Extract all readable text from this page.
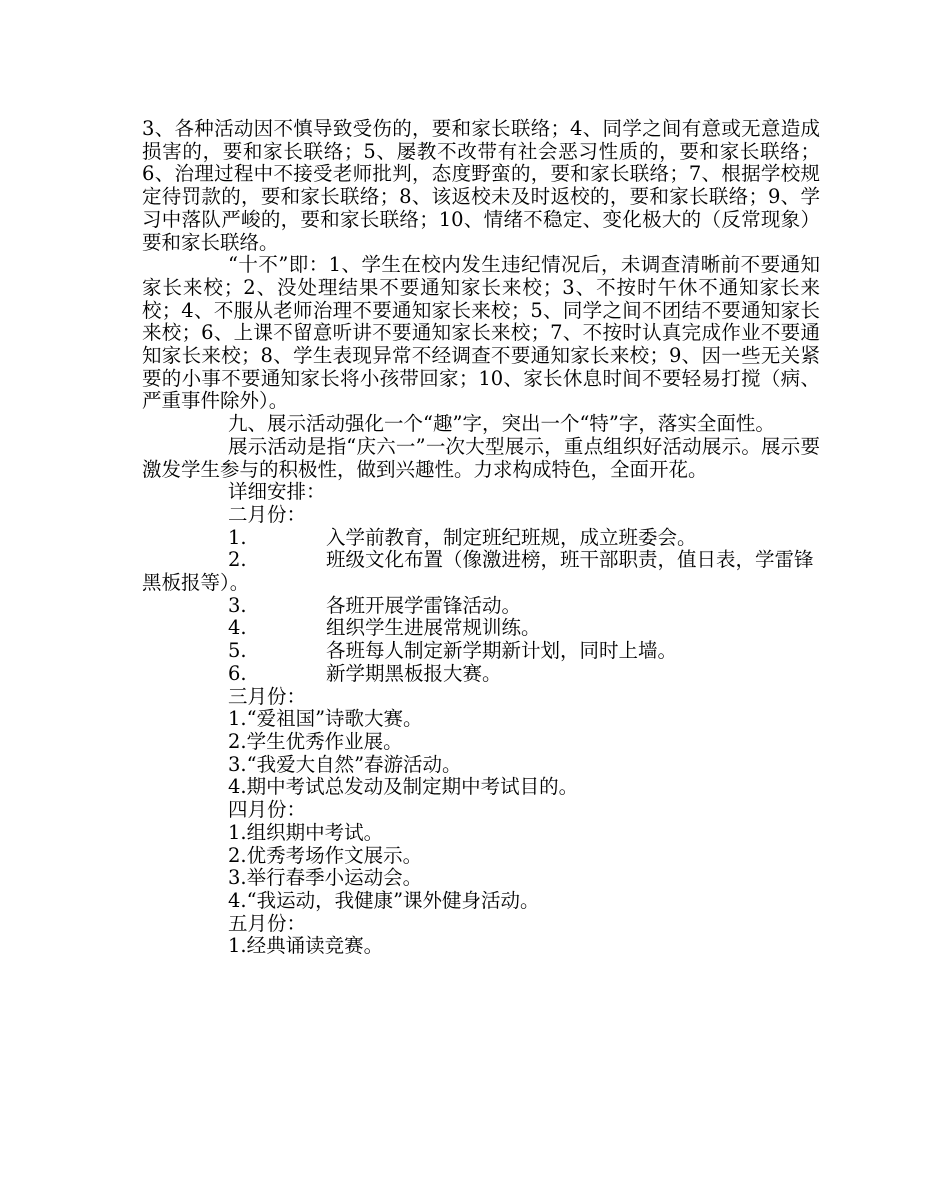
3、各种活动因不慎导致受伤的，要和家长联络；4、同学之间有意或无意造成损害的，要和家长联络；5、屡教不改带有社会恶习性质的，要和家长联络；6、治理过程中不接受老师批判，态度野蛮的，要和家长联络；7、根据学校规定待罚款的，要和家长联络；8、该返校未及时返校的，要和家长联络；9、学习中落队严峻的，要和家长联络；10、情绪不稳定、变化极大的（反常现象）要和家长联络。

“十不”即：1、学生在校内发生违纪情况后，未调查清晰前不要通知家长来校；2、没处理结果不要通知家长来校；3、不按时午休不通知家长来校；4、不服从老师治理不要通知家长来校；5、同学之间不团结不要通知家长来校；6、上课不留意听讲不要通知家长来校；7、不按时认真完成作业不要通知家长来校；8、学生表现异常不经调查不要通知家长来校；9、因一些无关紧要的小事不要通知家长将小孩带回家；10、家长休息时间不要轻易打搅（病、严重事件除外）。

九、展示活动强化一个“趣”字，突出一个“特”字，落实全面性。

展示活动是指“庆六一”一次大型展示，重点组织好活动展示。展示要激发学生参与的积极性，做到兴趣性。力求构成特色，全面开花。

详细安排：

二月份：

1.	入学前教育，制定班纪班规，成立班委会。

2.	班级文化布置（像激进榜，班干部职责，值日表，学雷锋黑板报等）。

3.	各班开展学雷锋活动。
4.	组织学生进展常规训练。
5.	各班每人制定新学期新计划，同时上墙。
6.	新学期黑板报大赛。

三月份：

1.“爱祖国”诗歌大赛。

2.学生优秀作业展。

3.“我爱大自然”春游活动。

4.期中考试总发动及制定期中考试目的。

四月份：

1.组织期中考试。

2.优秀考场作文展示。

3.举行春季小运动会。

4.“我运动，我健康”课外健身活动。

五月份：

1.经典诵读竞赛。
